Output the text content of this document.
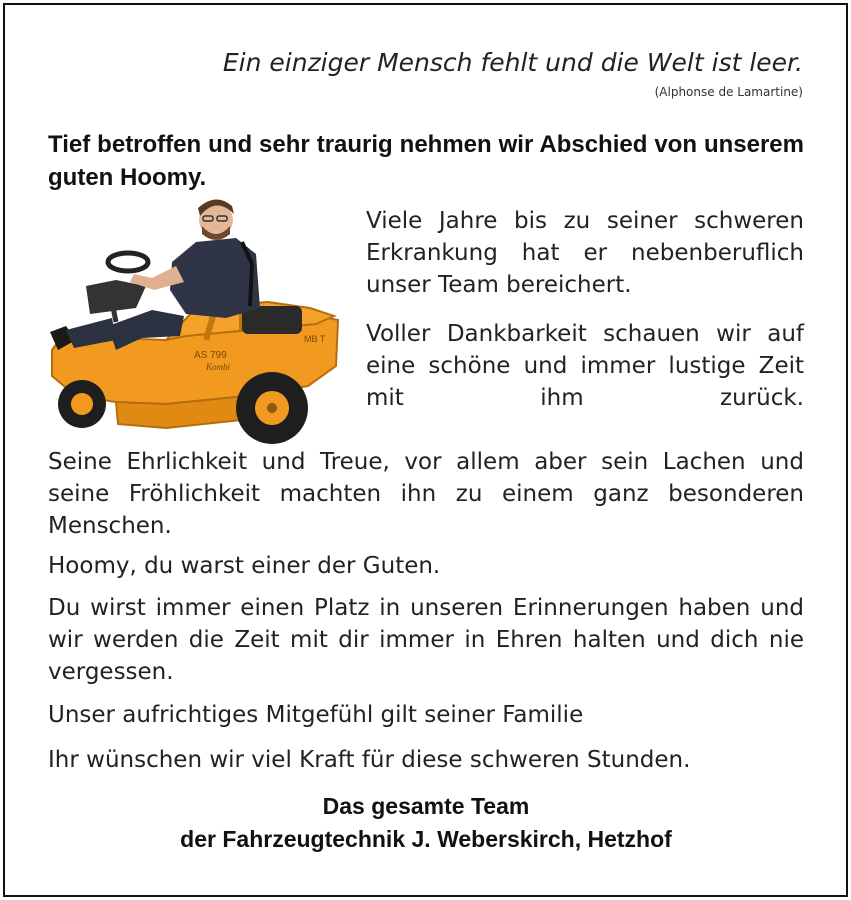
Ein einziger Mensch fehlt und die Welt ist leer.
(Alphonse de Lamartine)
Tief betroffen und sehr traurig nehmen wir Abschied von unserem guten Hoomy.
AS 799
Kombi
MB T
Viele Jahre bis zu seiner schweren Erkrankung hat er nebenberuflich unser Team bereichert.
Voller Dankbarkeit schauen wir auf eine schöne und immer lustige Zeit mit ihm zurück.
Seine Ehrlichkeit und Treue, vor allem aber sein Lachen und seine Fröhlichkeit machten ihn zu einem ganz besonderen Menschen.
Hoomy, du warst einer der Guten.
Du wirst immer einen Platz in unseren Erinnerungen haben und wir werden die Zeit mit dir immer in Ehren halten und dich nie vergessen.
Unser aufrichtiges Mitgefühl gilt seiner Familie
Ihr wünschen wir viel Kraft für diese schweren Stunden.
Das gesamte Team
der Fahrzeugtechnik J. Weberskirch, Hetzhof
